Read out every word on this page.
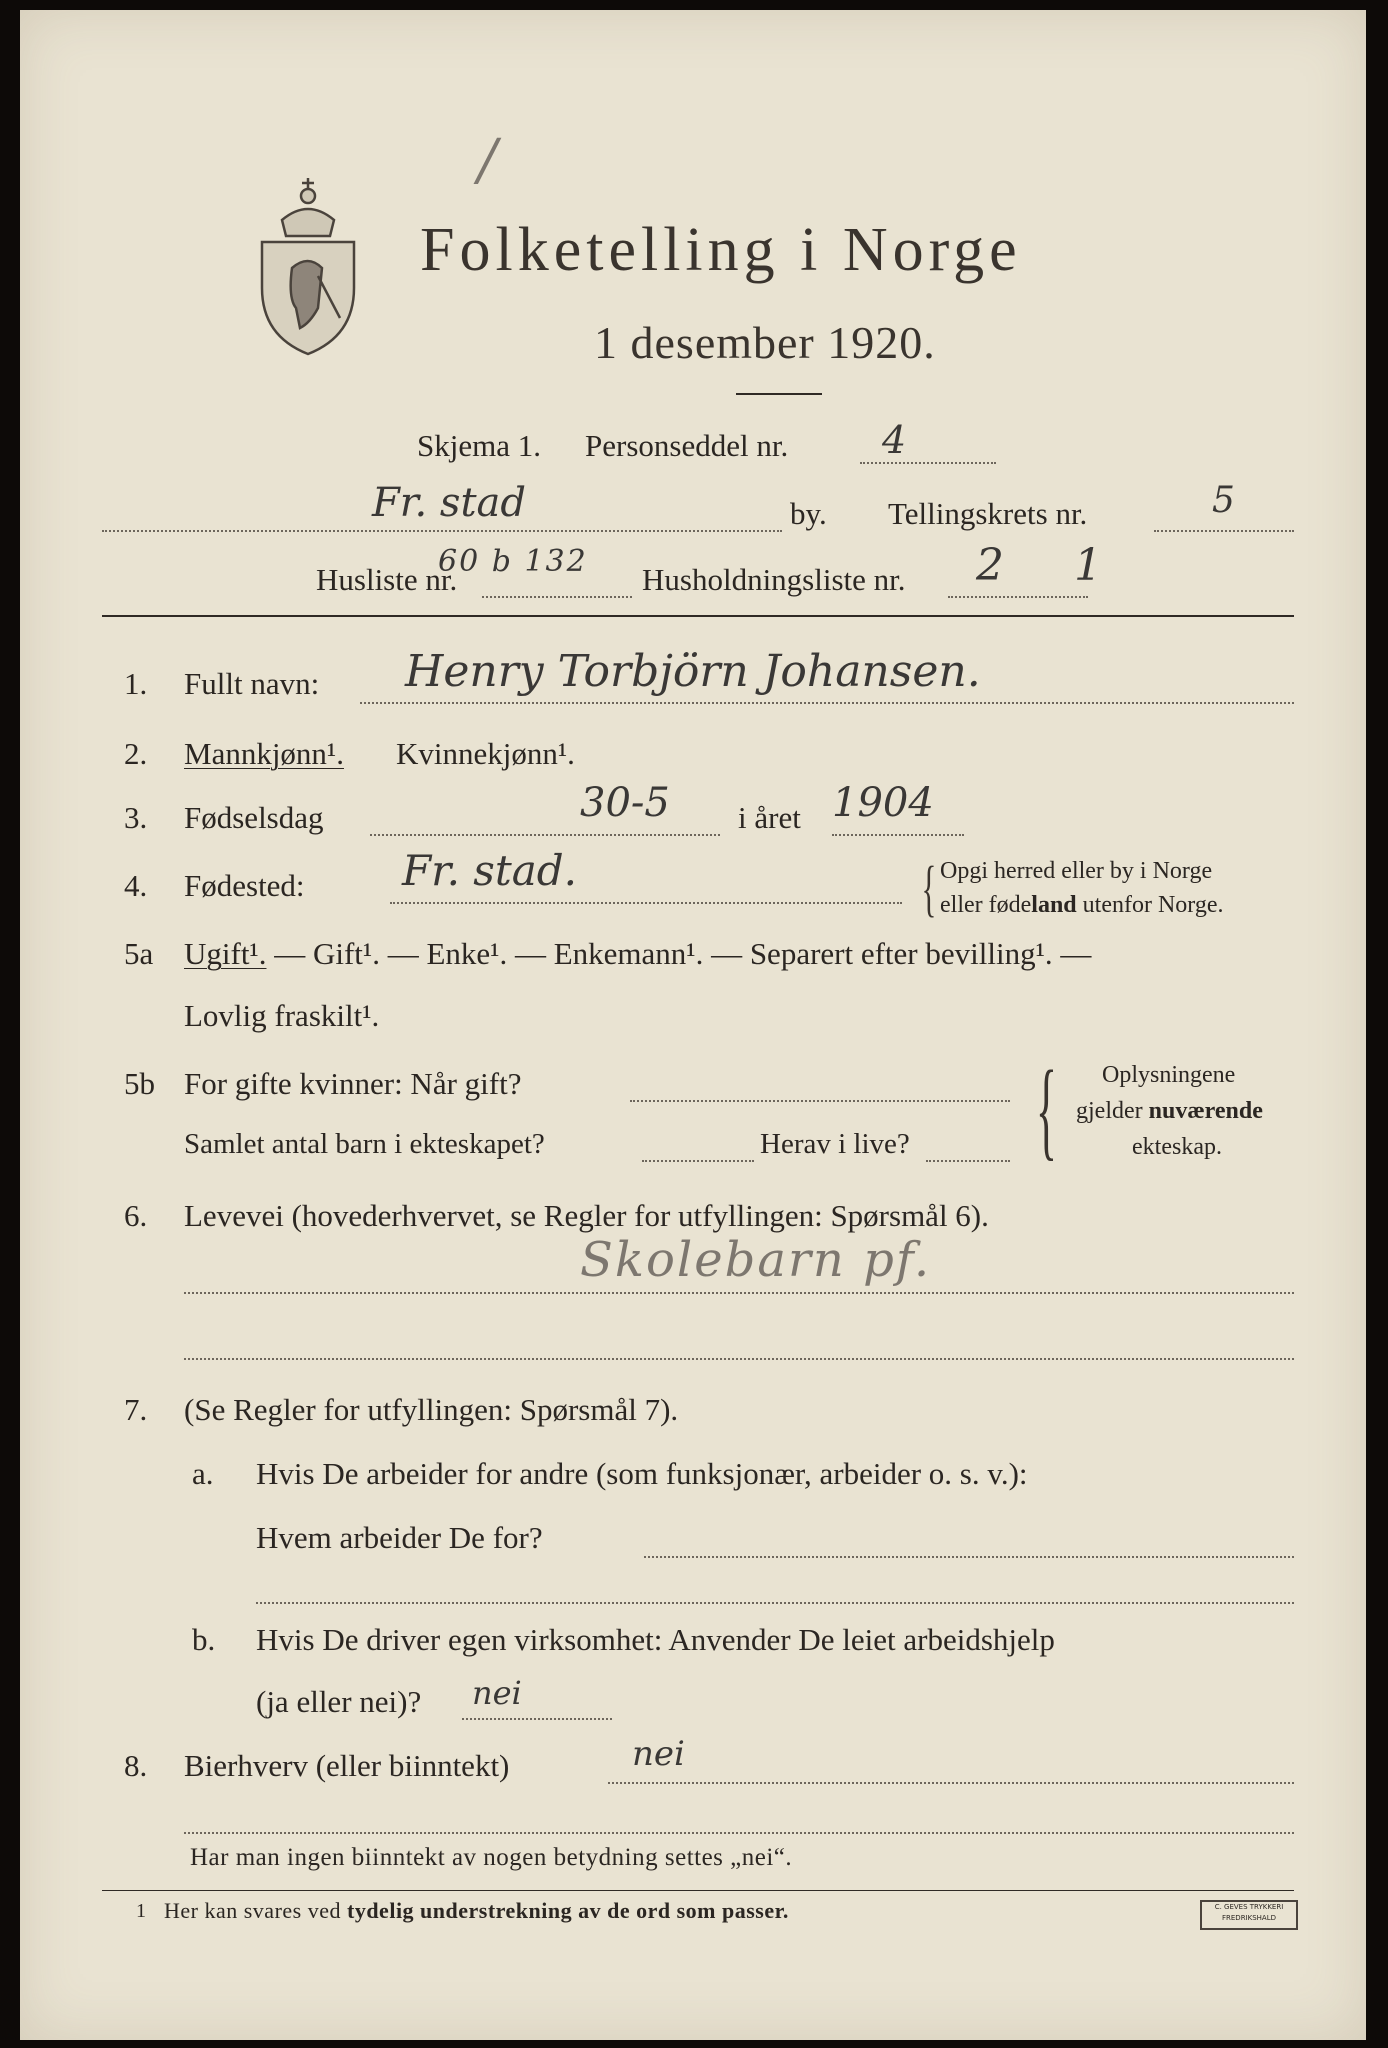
/
Folketelling i Norge
1 desember 1920.
Skjema 1. Personseddel nr. 4
Fr. stad	by. Tellingskrets nr.	5
Husliste nr.
60 b 132
Husholdningsliste nr. 2 1
1. Fullt navn: Henry Torbjörn Johansen.
2. Mannkjønn¹. Kvinnekjønn¹.
3. Fødselsdag	30-5 i året 1904
4. Fødested: Fr. stad.	{ Opgi herred eller by i Norge
eller fødeland utenfor Norge.
5a Ugift¹. — Gift¹. — Enke¹. — Enkemann¹. — Separert efter bevilling¹. —
Lovlig fraskilt¹.
5b For gifte kvinner: Når gift?
Samlet antal barn i ekteskapet?	Herav i live? { Oplysningene
gjelder nuværende
ekteskap.
6. Levevei (hovederhvervet, se Regler for utfyllingen: Spørsmål 6).
Skolebarn pf.
7. (Se Regler for utfyllingen: Spørsmål 7).
a. Hvis De arbeider for andre (som funksjonær, arbeider o. s. v.):
Hvem arbeider De for?
b. Hvis De driver egen virksomhet: Anvender De leiet arbeidshjelp
(ja eller nei)? nei
8. Bierhverv (eller biinntekt)	nei
Har man ingen biinntekt av nogen betydning settes „nei“.
1 Her kan svares ved tydelig understrekning av de ord som passer.	C. GEVES TRYKKERI FREDRIKSHALD
